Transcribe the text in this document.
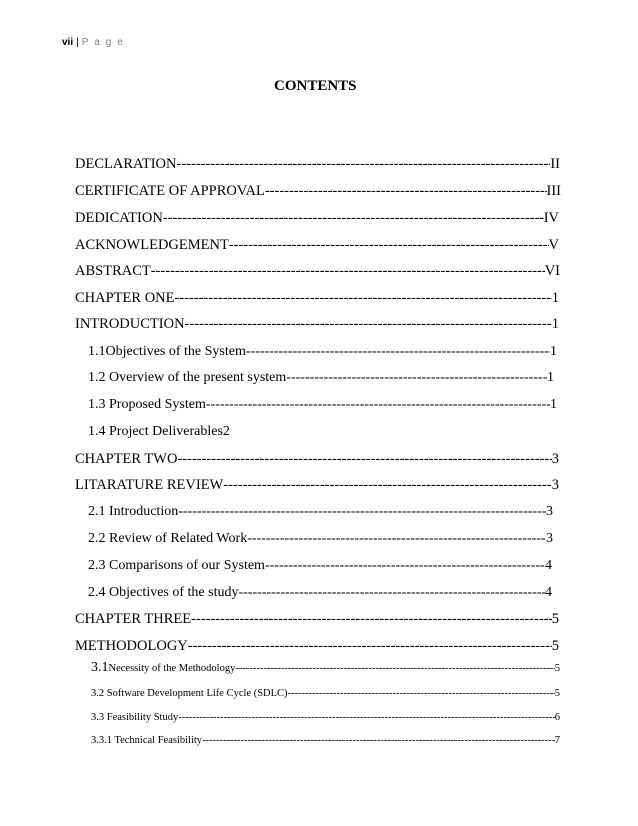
vii | P a g e
CONTENTS
DECLARATION -----	II
CERTIFICATE OF APPROVAL -----	III
DEDICATION -----	IV
ACKNOWLEDGEMENT -----	V
ABSTRACT -----	VI
CHAPTER ONE -----	1
INTRODUCTION -----	1
1.1Objectives of the System -----	1
1.2 Overview of the present system -----	1
1.3 Proposed System -----	1
1.4 Project Deliverables2
CHAPTER TWO -----	3
LITARATURE REVIEW -----	3
2.1 Introduction -----	3
2.2 Review of Related Work -----	3
2.3 Comparisons of our System -----	4
2.4 Objectives of the study -----	4
CHAPTER THREE -----	5
METHODOLOGY -----	5
3.1 Necessity of the Methodology -----	5
3.2 Software Development Life Cycle (SDLC) -----	5
3.3 Feasibility Study -----	6
3.3.1 Technical Feasibility -----	7
